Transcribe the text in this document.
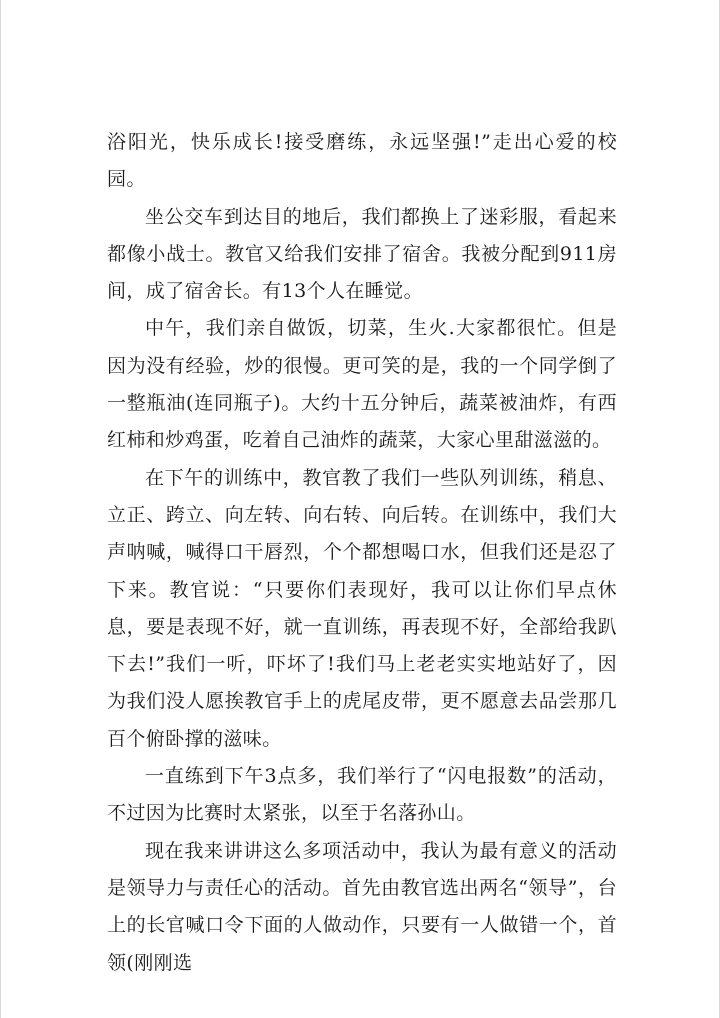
浴阳光，快乐成长!接受磨练，永远坚强!”走出心爱的校园。

坐公交车到达目的地后，我们都换上了迷彩服，看起来都像小战士。教官又给我们安排了宿舍。我被分配到911房间，成了宿舍长。有13个人在睡觉。

中午，我们亲自做饭，切菜，生火.大家都很忙。但是因为没有经验，炒的很慢。更可笑的是，我的一个同学倒了一整瓶油(连同瓶子)。大约十五分钟后，蔬菜被油炸，有西红柿和炒鸡蛋，吃着自己油炸的蔬菜，大家心里甜滋滋的。

在下午的训练中，教官教了我们一些队列训练，稍息、立正、跨立、向左转、向右转、向后转。在训练中，我们大声呐喊，喊得口干唇烈，个个都想喝口水，但我们还是忍了下来。教官说：“只要你们表现好，我可以让你们早点休息，要是表现不好，就一直训练，再表现不好，全部给我趴下去!”我们一听，吓坏了!我们马上老老实实地站好了，因为我们没人愿挨教官手上的虎尾皮带，更不愿意去品尝那几百个俯卧撑的滋味。

一直练到下午3点多，我们举行了“闪电报数”的活动，不过因为比赛时太紧张，以至于名落孙山。

现在我来讲讲这么多项活动中，我认为最有意义的活动是领导力与责任心的活动。首先由教官选出两名“领导”，台上的长官喊口令下面的人做动作，只要有一人做错一个，首领(刚刚选
